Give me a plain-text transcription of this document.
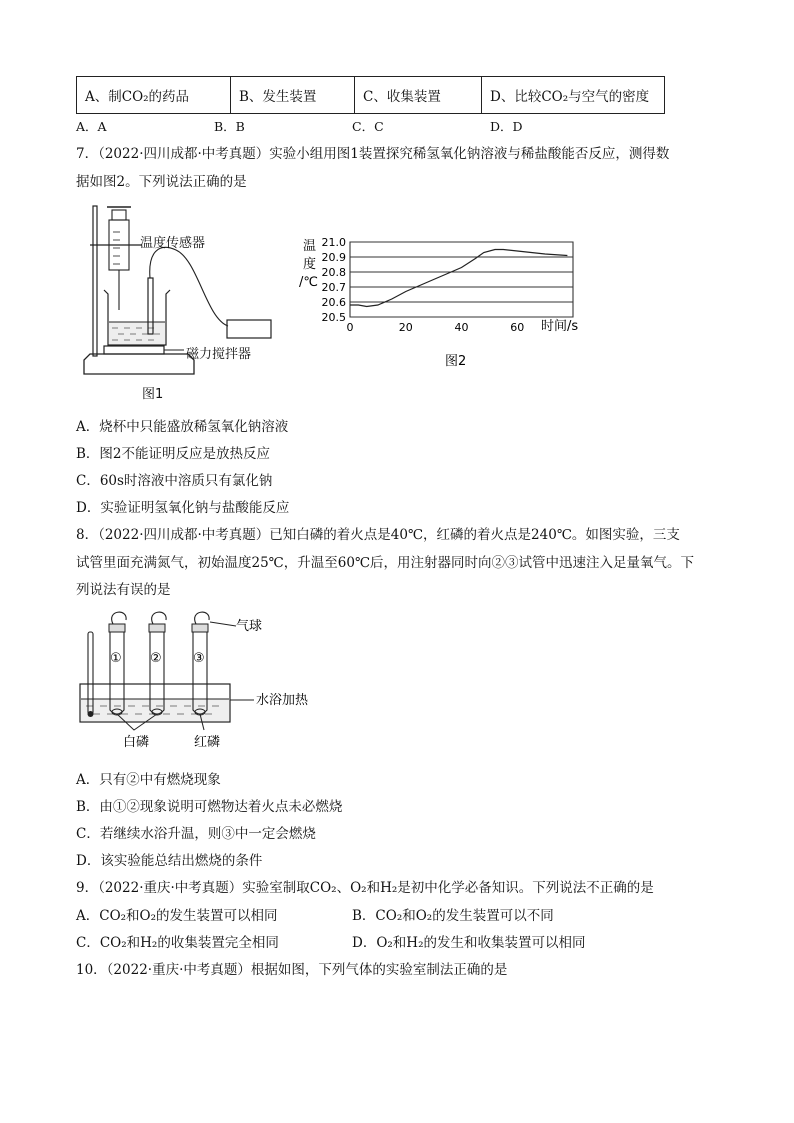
A、制CO₂的药品	B、发生装置	C、收集装置	D、比较CO₂与空气的密度
A．A	B．B	C．C	D．D
7．（2022·四川成都·中考真题）实验小组用图1装置探究稀氢氧化钠溶液与稀盐酸能否反应，测得数
据如图2。下列说法正确的是
温度传感器
磁力搅拌器
图1
20.5
20.6
20.7
20.8
20.9
21.0
0	20	40	60
温
度
/℃
时间/s
图2
A．烧杯中只能盛放稀氢氧化钠溶液
B．图2不能证明反应是放热反应
C．60s时溶液中溶质只有氯化钠
D．实验证明氢氧化钠与盐酸能反应
8．（2022·四川成都·中考真题）已知白磷的着火点是40℃，红磷的着火点是240℃。如图实验，三支
试管里面充满氮气，初始温度25℃，升温至60℃后，用注射器同时向②③试管中迅速注入足量氧气。下
列说法有误的是
① ② ③
气球
水浴加热
白磷	红磷
A．只有②中有燃烧现象
B．由①②现象说明可燃物达着火点未必燃烧
C．若继续水浴升温，则③中一定会燃烧
D．该实验能总结出燃烧的条件
9．（2022·重庆·中考真题）实验室制取CO₂、O₂和H₂是初中化学必备知识。下列说法不正确的是
A．CO₂和O₂的发生装置可以相同	B．CO₂和O₂的发生装置可以不同
C．CO₂和H₂的收集装置完全相同	D．O₂和H₂的发生和收集装置可以相同
10．（2022·重庆·中考真题）根据如图，下列气体的实验室制法正确的是
